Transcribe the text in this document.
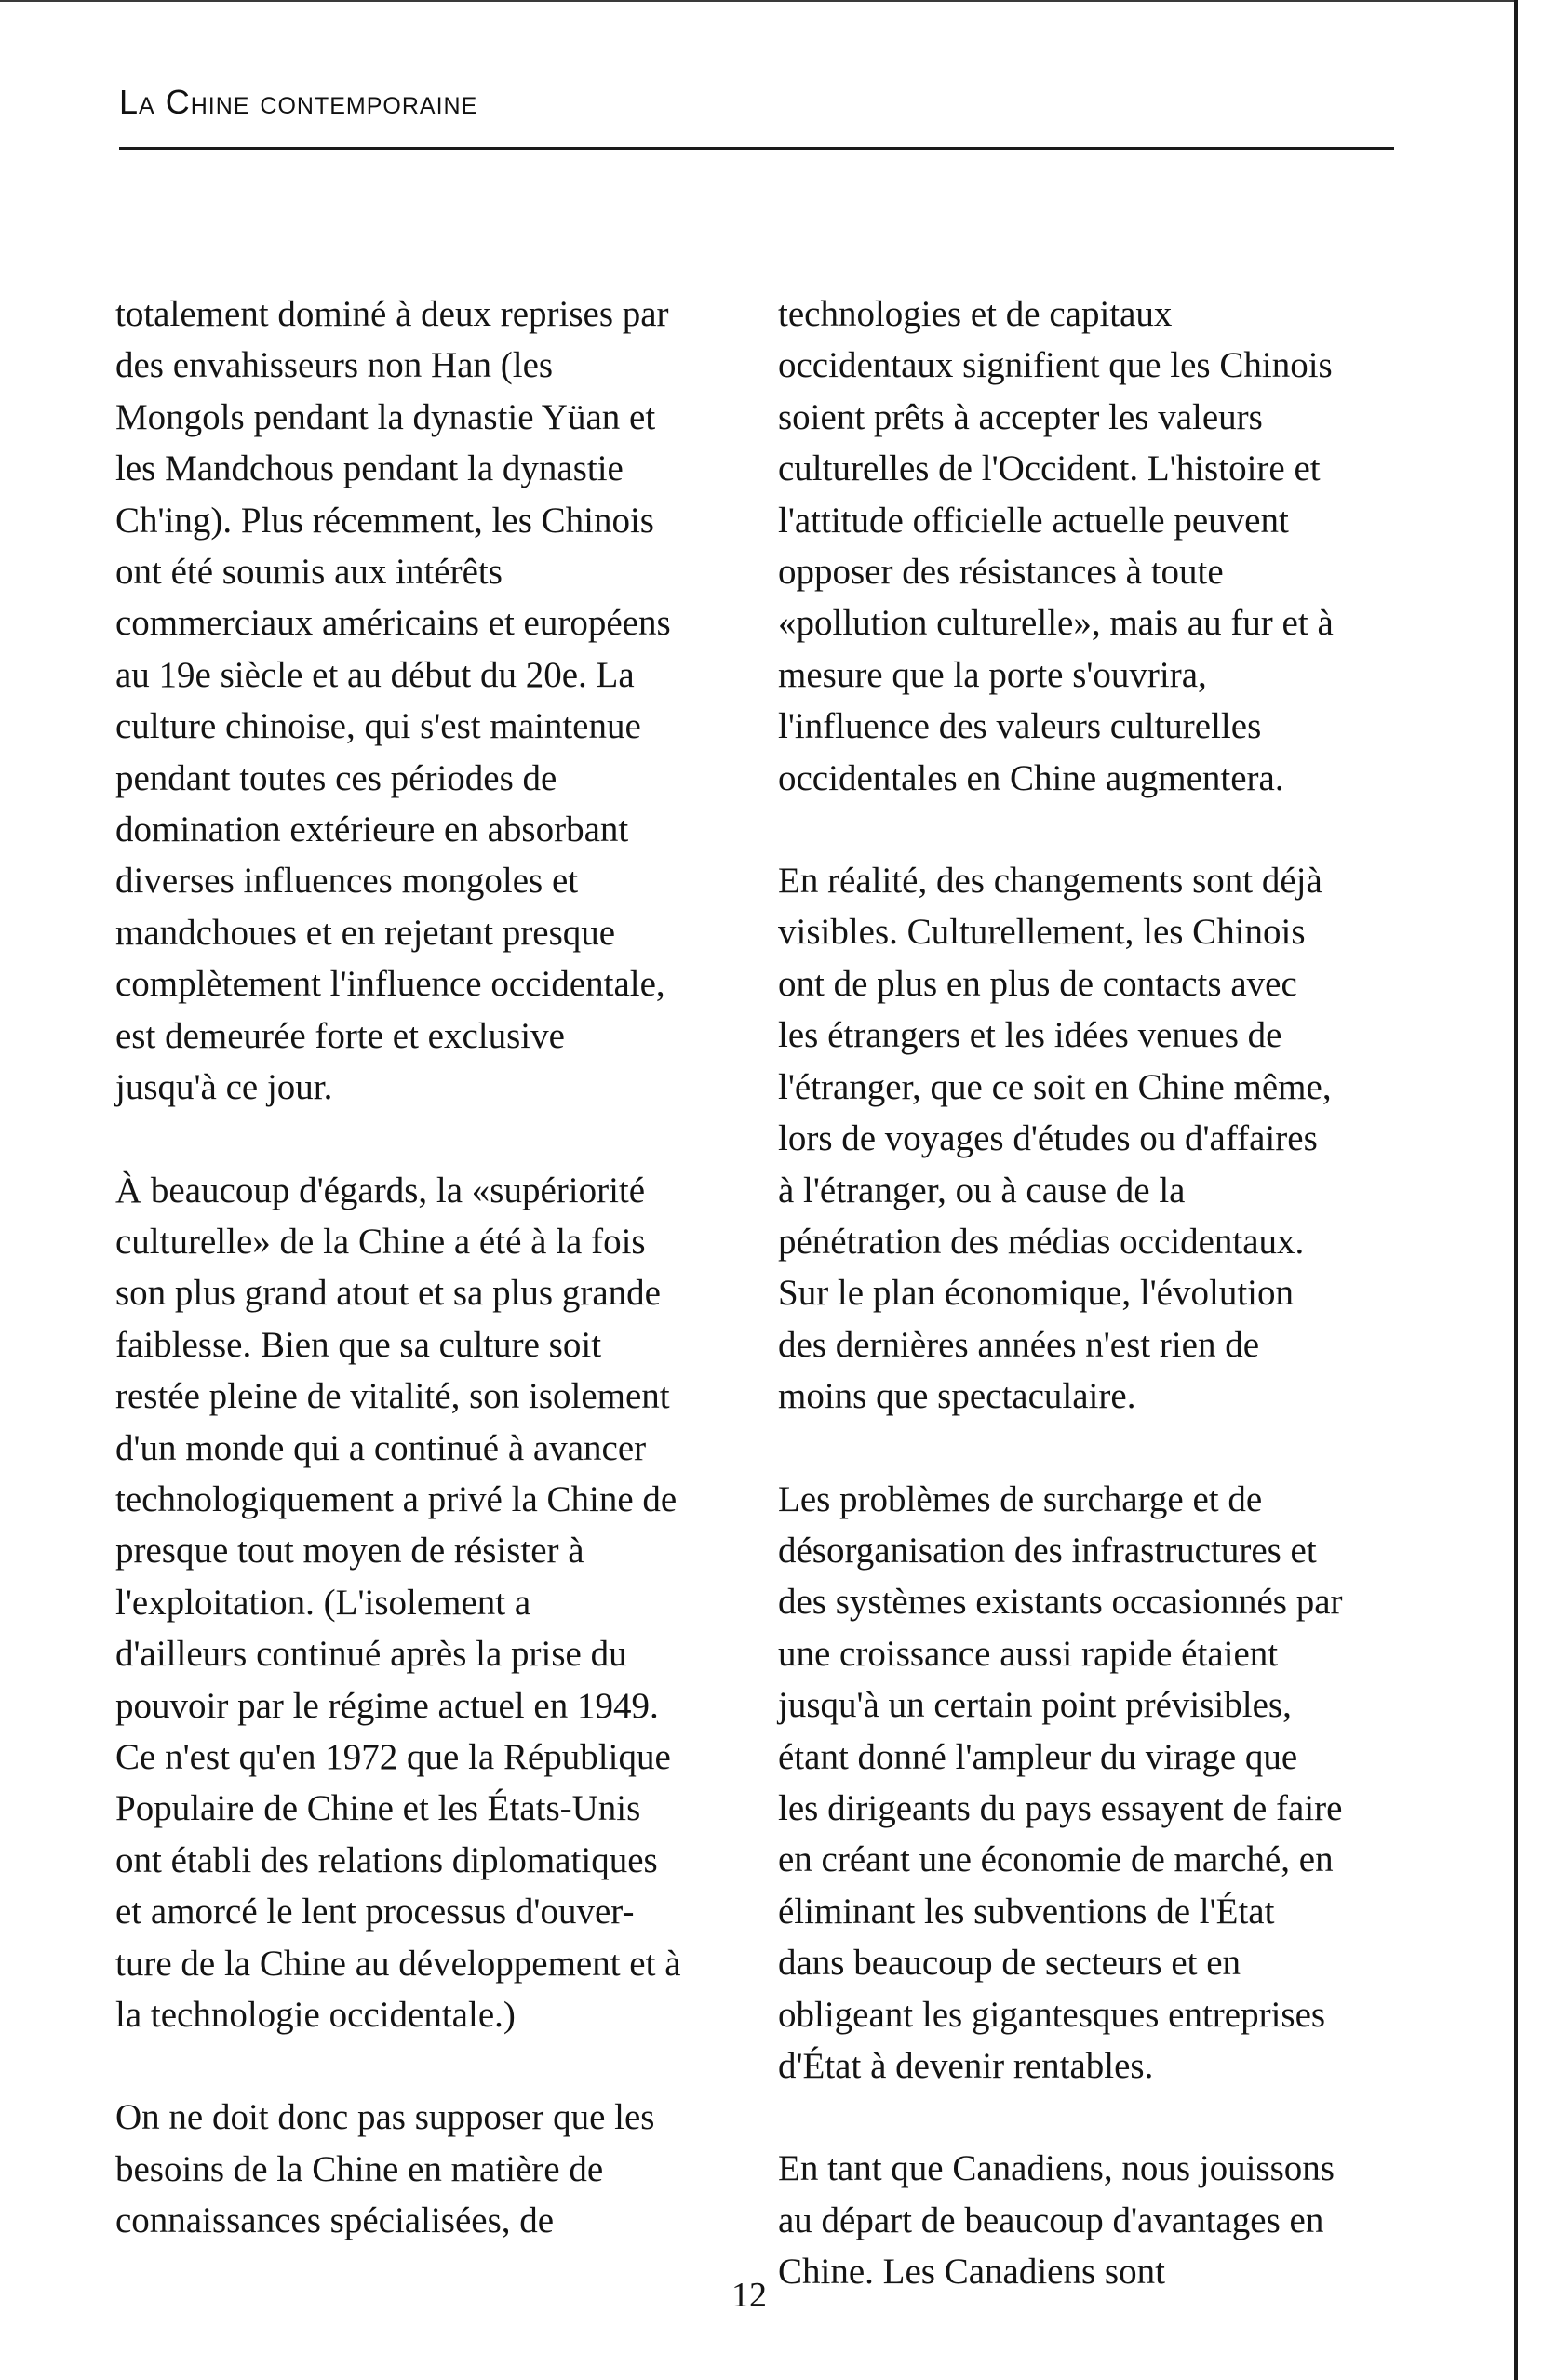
La Chine contemporaine
totalement dominé à deux reprises par
des envahisseurs non Han (les
Mongols pendant la dynastie Yüan et
les Mandchous pendant la dynastie
Ch'ing). Plus récemment, les Chinois
ont été soumis aux intérêts
commerciaux américains et européens
au 19e siècle et au début du 20e. La
culture chinoise, qui s'est maintenue
pendant toutes ces périodes de
domination extérieure en absorbant
diverses influences mongoles et
mandchoues et en rejetant presque
complètement l'influence occidentale,
est demeurée forte et exclusive
jusqu'à ce jour.
À beaucoup d'égards, la «supériorité
culturelle» de la Chine a été à la fois
son plus grand atout et sa plus grande
faiblesse. Bien que sa culture soit
restée pleine de vitalité, son isolement
d'un monde qui a continué à avancer
technologiquement a privé la Chine de
presque tout moyen de résister à
l'exploitation. (L'isolement a
d'ailleurs continué après la prise du
pouvoir par le régime actuel en 1949.
Ce n'est qu'en 1972 que la République
Populaire de Chine et les États-Unis
ont établi des relations diplomatiques
et amorcé le lent processus d'ouver-
ture de la Chine au développement et à
la technologie occidentale.)
On ne doit donc pas supposer que les
besoins de la Chine en matière de
connaissances spécialisées, de
technologies et de capitaux
occidentaux signifient que les Chinois
soient prêts à accepter les valeurs
culturelles de l'Occident. L'histoire et
l'attitude officielle actuelle peuvent
opposer des résistances à toute
«pollution culturelle», mais au fur et à
mesure que la porte s'ouvrira,
l'influence des valeurs culturelles
occidentales en Chine augmentera.
En réalité, des changements sont déjà
visibles. Culturellement, les Chinois
ont de plus en plus de contacts avec
les étrangers et les idées venues de
l'étranger, que ce soit en Chine même,
lors de voyages d'études ou d'affaires
à l'étranger, ou à cause de la
pénétration des médias occidentaux.
Sur le plan économique, l'évolution
des dernières années n'est rien de
moins que spectaculaire.
Les problèmes de surcharge et de
désorganisation des infrastructures et
des systèmes existants occasionnés par
une croissance aussi rapide étaient
jusqu'à un certain point prévisibles,
étant donné l'ampleur du virage que
les dirigeants du pays essayent de faire
en créant une économie de marché, en
éliminant les subventions de l'État
dans beaucoup de secteurs et en
obligeant les gigantesques entreprises
d'État à devenir rentables.
En tant que Canadiens, nous jouissons
au départ de beaucoup d'avantages en
Chine. Les Canadiens sont
12
